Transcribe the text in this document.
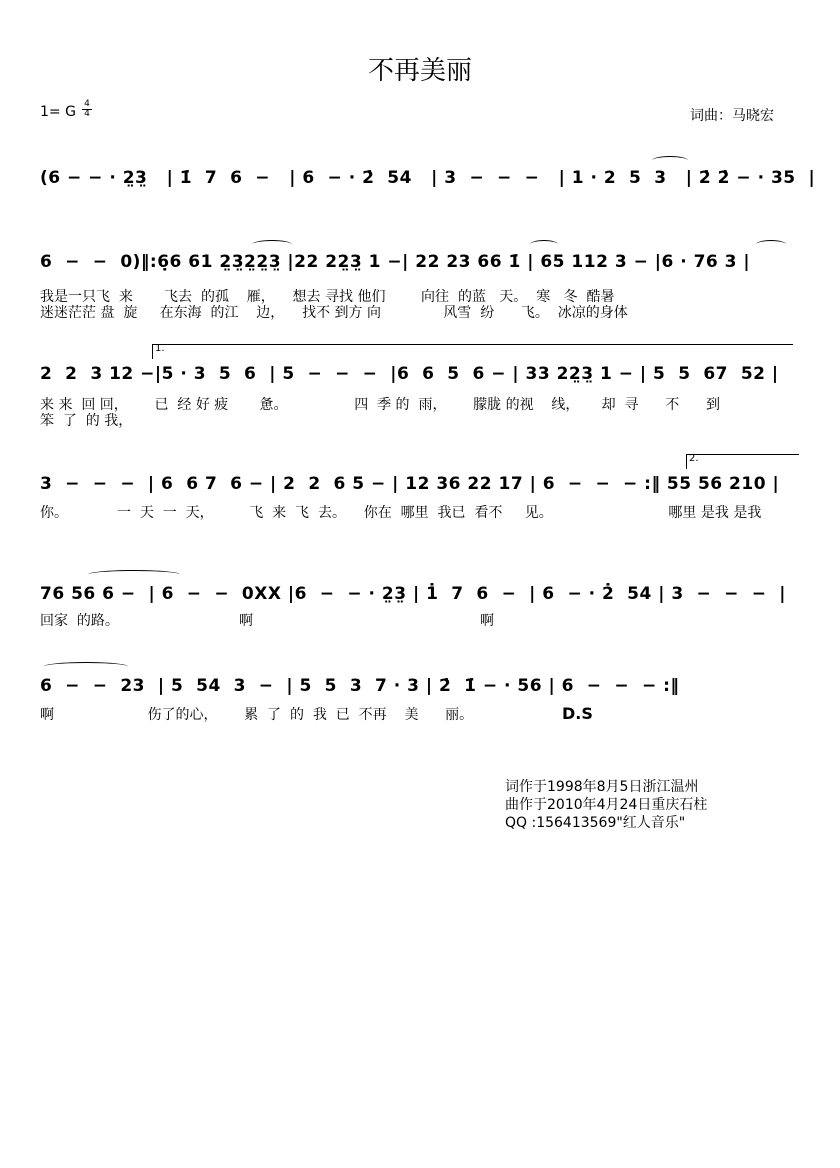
不再美丽
1= G 4
4	词曲：马晓宏
(6 − − · 2̤3̤   | 1̇  7  6  −   | 6  − · 2̇  54   | 3  −  −  −   | 1 · 2  5  3   | 2̇ 2̇ − · 35  |
6  −  −  0)‖:6̣6 61 2̤3̤2̤2̤3̤ |22 22̤3̤ 1 −| 22 23 66 1̇ | 65 112 3 − |6 · 76 3 |
我是一只飞  来       飞去  的孤    雁，    想去 寻找 他们        向往  的蓝   天。  寒   冬  酷暑
迷迷茫茫 盘  旋     在东海  的江    边，    找不 到方 向              风雪  纷      飞。  冰凉的身体
1.
2  2  3 12 −|5 · 3  5  6  | 5  −  −  −  |6  6  5  6 − | 33 22̤3̤ 1 − | 5  5  67  52 |
来 来  回 回，      已  经 好 疲       惫。               四  季 的  雨，      朦胧 的视    线，     却  寻      不      到
笨  了  的 我，
2.
3  −  −  −  | 6  6 7  6 − | 2  2  6 5 − | 12 36 22 17 | 6  −  −  − :‖ 55 56 210 |
你。           一  天  一  天，        飞  来  飞  去。    你在  哪里  我已  看不     见。                          哪里 是我 是我
76 56 6 −  | 6  −  −  0XX |6  −  − · 2̤3̤ | 1̇  7  6  −  | 6  − · 2̇  54 | 3  −  −  −  |
回家  的路。                           啊                                                   啊
6  −  −  23  | 5  54  3  −  | 5  5  3  7 · 3 | 2̇  1̇ − · 56 | 6  −  −  − :‖
啊                     伤了的心，      累  了  的  我  已  不再    美      丽。	D.S
词作于1998年8月5日浙江温州
曲作于2010年4月24日重庆石柱
QQ :156413569"红人音乐"
